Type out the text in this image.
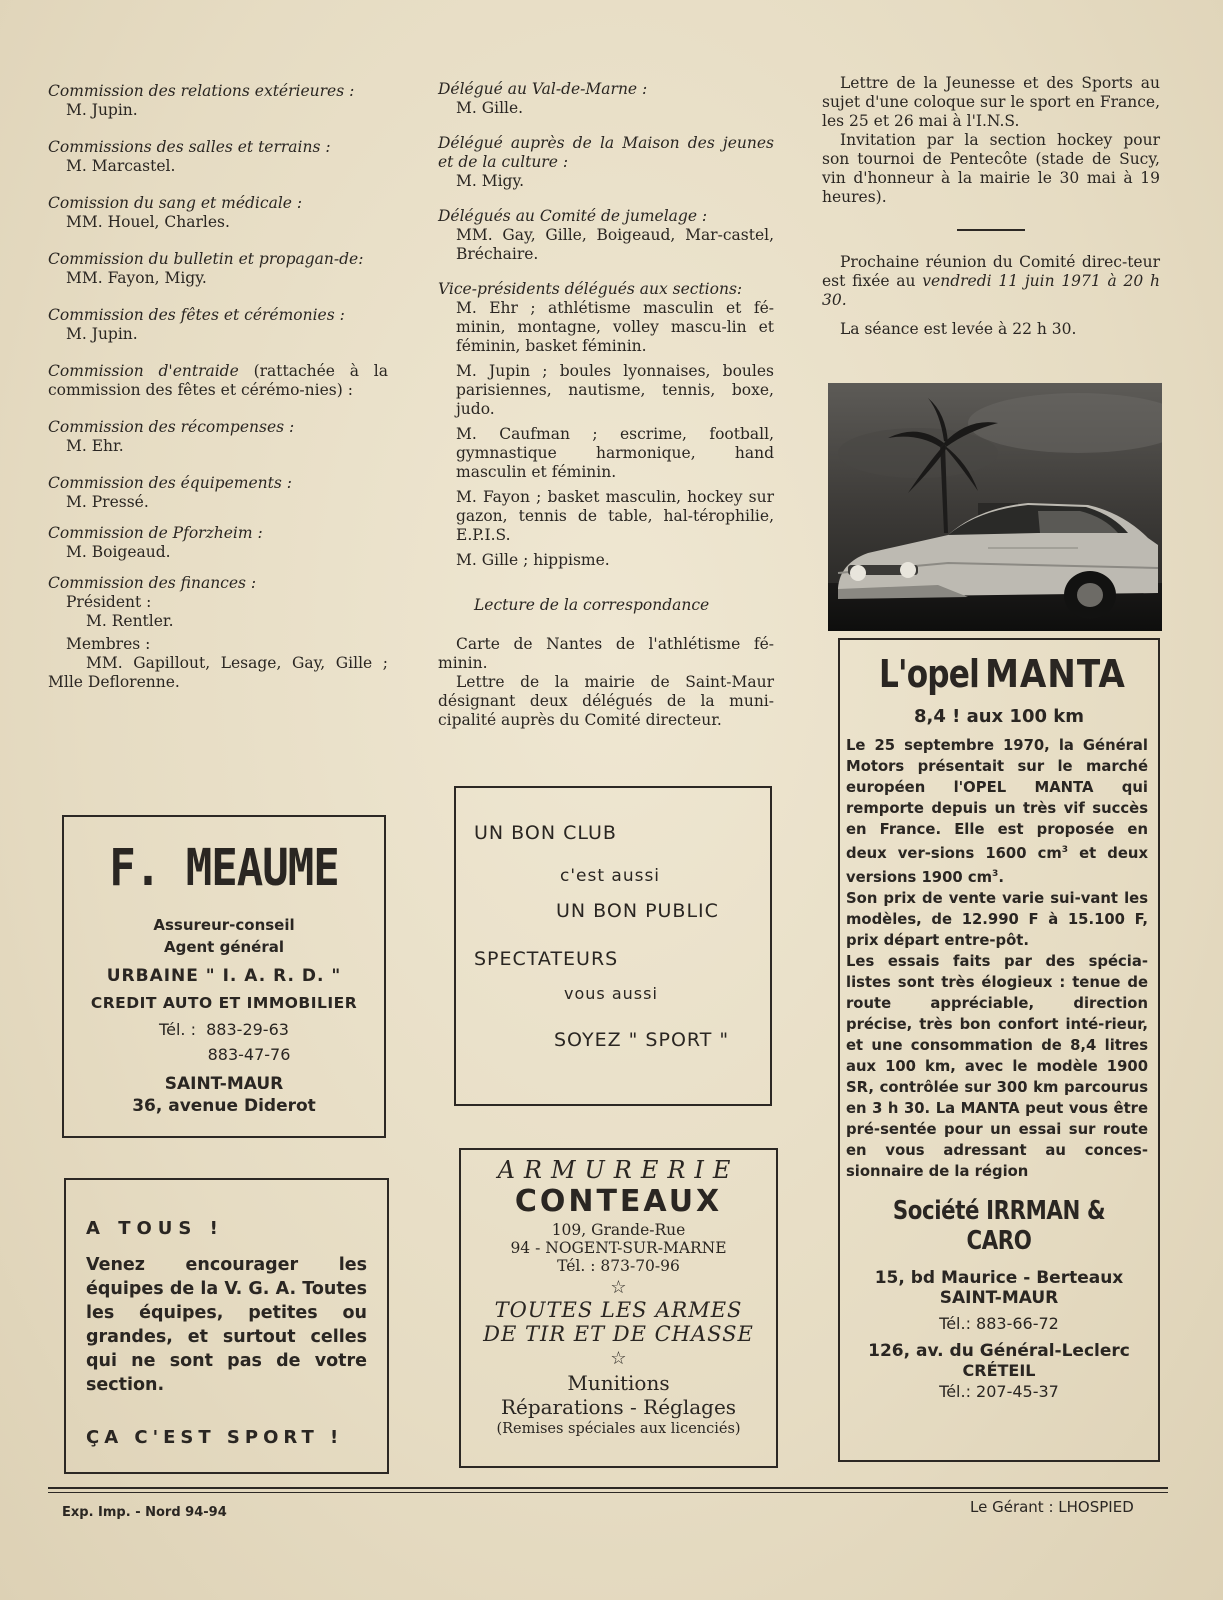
Commission des relations extérieures :
M. Jupin.
Commissions des salles et terrains :
M. Marcastel.
Comission du sang et médicale :
MM. Houel, Charles.
Commission du bulletin et propagan-de:
MM. Fayon, Migy.
Commission des fêtes et cérémonies :
M. Jupin.
Commission d'entraide (rattachée à la commission des fêtes et cérémo-nies) :
Commission des récompenses :
M. Ehr.
Commission des équipements :
M. Pressé.
Commission de Pforzheim :
M. Boigeaud.
Commission des finances :
Président :
M. Rentler.
Membres :
MM. Gapillout, Lesage, Gay, Gille ; Mlle Deflorenne.
Délégué au Val-de-Marne :
M. Gille.
Délégué auprès de la Maison des jeunes et de la culture :
M. Migy.
Délégués au Comité de jumelage :
MM. Gay, Gille, Boigeaud, Mar-castel, Bréchaire.
Vice-présidents délégués aux sections:
M. Ehr ; athlétisme masculin et fé-minin, montagne, volley mascu-lin et féminin, basket féminin.
M. Jupin ; boules lyonnaises, boules parisiennes, nautisme, tennis, boxe, judo.
M. Caufman ; escrime, football, gymnastique harmonique, hand masculin et féminin.
M. Fayon ; basket masculin, hockey sur gazon, tennis de table, hal-térophilie, E.P.I.S.
M. Gille ; hippisme.
Lecture de la correspondance
Carte de Nantes de l'athlétisme fé-minin.
Lettre de la mairie de Saint-Maur désignant deux délégués de la muni-cipalité auprès du Comité directeur.

Lettre de la Jeunesse et des Sports au sujet d'une coloque sur le sport en France, les 25 et 26 mai à l'I.N.S.

Invitation par la section hockey pour son tournoi de Pentecôte (stade de Sucy, vin d'honneur à la mairie le 30 mai à 19 heures).

Prochaine réunion du Comité direc-teur est fixée au vendredi 11 juin 1971 à 20 h 30.

La séance est levée à 22 h 30.

F. MEAUME
Assureur-conseil
Agent général
URBAINE " I. A. R. D. "
CREDIT AUTO ET IMMOBILIER
Tél. : 883-29-63
883-47-76
SAINT-MAUR
36, avenue Diderot
UN BON CLUB
c'est aussi
UN BON PUBLIC
SPECTATEURS
vous aussi
SOYEZ " SPORT "
A TOUS !
Venez encourager les équipes de la V. G. A. Toutes les équipes, petites ou grandes, et surtout celles qui ne sont pas de votre section.
ÇA C'EST SPORT !
ARMURERIE
CONTEAUX
109, Grande-Rue
94 - NOGENT-SUR-MARNE
Tél. : 873-70-96
☆
TOUTES LES ARMES
DE TIR ET DE CHASSE
☆
Munitions
Réparations - Réglages
(Remises spéciales aux licenciés)
L'opel MANTA
8,4 ! aux 100 km
Le 25 septembre 1970, la Général Motors présentait sur le marché européen l'OPEL MANTA qui remporte depuis un très vif succès en France. Elle est proposée en deux ver-sions 1600 $cm^3$ et deux versions 1900 $cm^3$.
Son prix de vente varie sui-vant les modèles, de 12.990 F à 15.100 F, prix départ entre-pôt.
Les essais faits par des spécia-listes sont très élogieux : tenue de route appréciable, direction précise, très bon confort inté-rieur, et une consommation de 8,4 litres aux 100 km, avec le modèle 1900 SR, contrôlée sur 300 km parcourus en 3 h 30. La MANTA peut vous être pré-sentée pour un essai sur route en vous adressant au conces-sionnaire de la région
Société IRRMAN & CARO
15, bd Maurice - Berteaux
SAINT-MAUR
Tél.: 883-66-72
126, av. du Général-Leclerc
CRÉTEIL
Tél.: 207-45-37
Exp. Imp. - Nord 94-94	Le Gérant : LHOSPIED
